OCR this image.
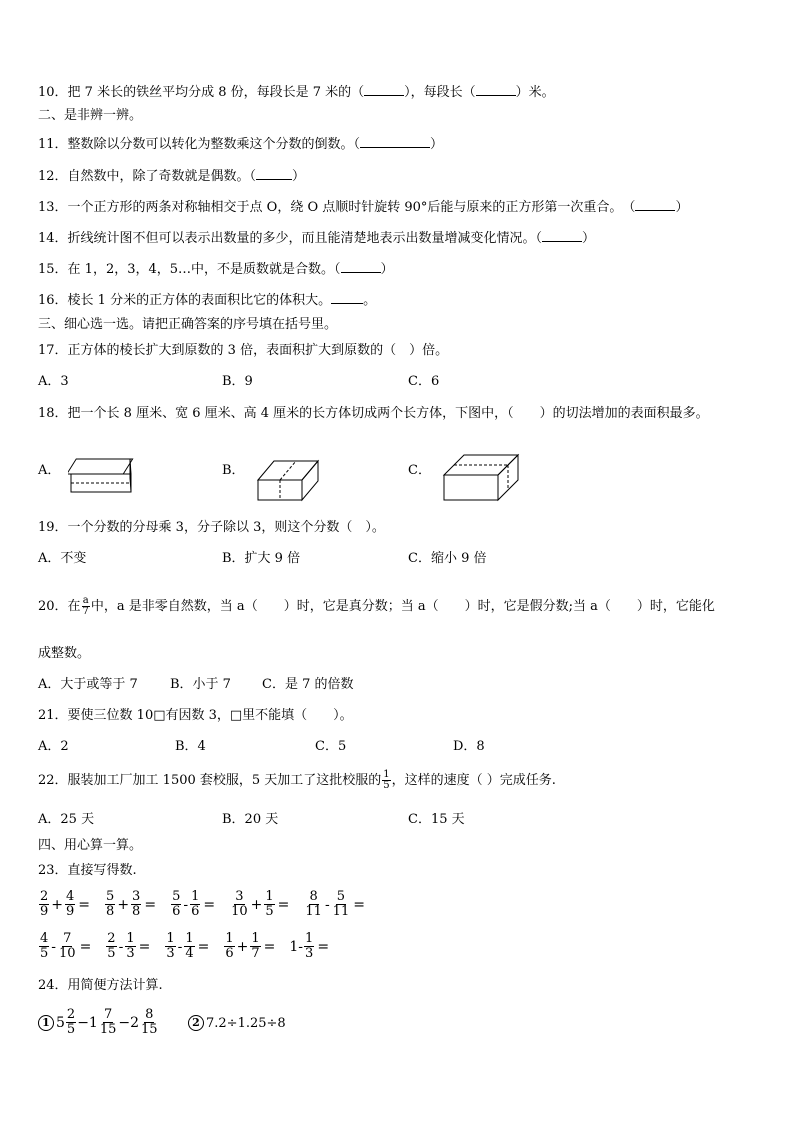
10．把 7 米长的铁丝平均分成 8 份，每段长是 7 米的（	），每段长（	）米。
二、是非辨一辨。
11．整数除以分数可以转化为整数乘这个分数的倒数。（	）
12．自然数中，除了奇数就是偶数。（	）
13．一个正方形的两条对称轴相交于点 O，绕 O 点顺时针旋转 90°后能与原来的正方形第一次重合。　（	）
14．折线统计图不但可以表示出数量的多少，而且能清楚地表示出数量增减变化情况。（	）
15．在 1，2，3，4，5…中，不是质数就是合数。（	）
16．棱长 1 分米的正方体的表面积比它的体积大。 。
三、细心选一选。请把正确答案的序号填在括号里。
17．正方体的棱长扩大到原数的 3 倍，表面积扩大到原数的（　）倍。
A．3	B．9	C．6
18．把一个长 8 厘米、宽 6 厘米、高 4 厘米的长方体切成两个长方体，下图中，（　　）的切法增加的表面积最多。
A．	B．	C．
19．一个分数的分母乘 3，分子除以 3，则这个分数（　）。
A．不变	B．扩大 9 倍	C．缩小 9 倍
20．在 $\frac{a}{7}$ 中，a 是非零自然数，当 a（　　）时，它是真分数；当 a（　　）时，它是假分数;当 a（　　）时，它能化
成整数。
A．大于或等于 7 B．小于 7 C．是 7 的倍数
21．要使三位数 10□有因数 3，□里不能填（　　）。
A．2	B．4	C．5	D．8
22．服装加工厂加工 1500 套校服，5 天加工了这批校服的 $\frac{1}{5}$ ，这样的速度（ ）完成任务.
A．25 天	B．20 天	C．15 天
四、用心算一算。
23．直接写得数.
$\frac{2}{9} + \frac{4}{9} = \frac{5}{8} + \frac{3}{8} = \frac{5}{6} - \frac{1}{6} = \frac{3}{10} + \frac{1}{5} = \frac{8}{11} - \frac{5}{11}$ =
$\frac{4}{5} - \frac{7}{10} = \frac{2}{5} - \frac{1}{3} = \frac{1}{3} - \frac{1}{4} = \frac{1}{6} + \frac{1}{7} = 1- \frac{1}{3}$ =
24．用简便方法计算.
1 $5 \frac{2}{5} -1 \frac{7}{15} -2 \frac{8}{15}$	2 7.2÷1.25÷8
